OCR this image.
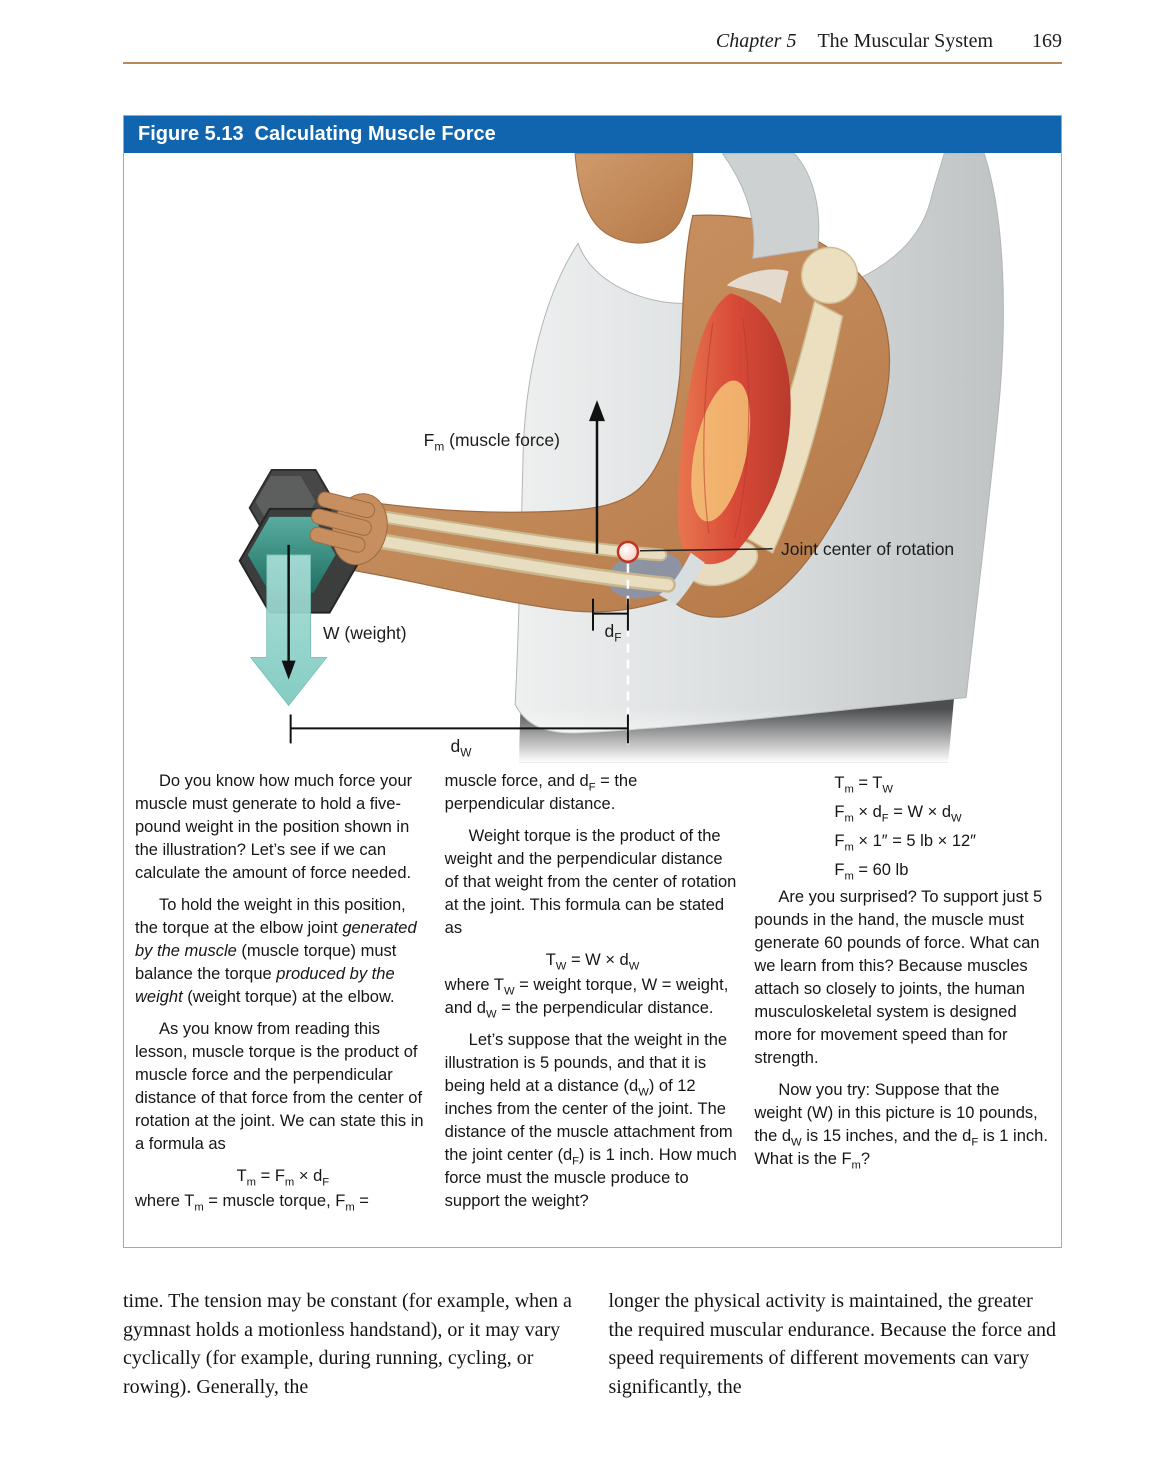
Chapter 5 The Muscular System 169
Figure 5.13 Calculating Muscle Force
$F_m$ (muscle force)
W (weight)
Joint center of rotation
$d_F$
$d_W$

Do you know how much force your muscle must generate to hold a five-pound weight in the position shown in the illustration? Let’s see if we can calculate the amount of force needed.

To hold the weight in this position, the torque at the elbow joint generated by the muscle (muscle torque) must balance the torque produced by the weight (weight torque) at the elbow.

As you know from reading this lesson, muscle torque is the product of muscle force and the perpendicular distance of that force from the center of rotation at the joint. We can state this in a formula as

$T_m = F_m \times d_F$

where $T_m$ = muscle torque, $F_m$ =

muscle force, and $d_F$ = the perpendicular distance.

Weight torque is the product of the weight and the perpendicular distance of that weight from the center of rotation at the joint. This formula can be stated as

$T_W = W \times d_W$

where $T_W$ = weight torque, W = weight, and $d_W$ = the perpendicular distance.

Let’s suppose that the weight in the illustration is 5 pounds, and that it is being held at a distance $(d_W)$ of 12 inches from the center of the joint. The distance of the muscle attachment from the joint center $(d_F)$ is 1 inch. How much force must the muscle produce to support the weight?

$T_m = T_W$

$F_m \times d_F = W \times d_W$

$F_m \times 1'' = 5$ lb × 12″

$F_m = 60$ lb

Are you surprised? To support just 5 pounds in the hand, the muscle must generate 60 pounds of force. What can we learn from this? Because muscles attach so closely to joints, the human musculoskeletal system is designed more for movement speed than for strength.

Now you try: Suppose that the weight (W) in this picture is 10 pounds, the $d_W$ is 15 inches, and the $d_F$ is 1 inch. What is the $F_m$?

time. The tension may be constant (for example, when a gymnast holds a motionless handstand), or it may vary cyclically (for example, during running, cycling, or rowing). Generally, the

longer the physical activity is maintained, the greater the required muscular endurance. Because the force and speed requirements of different movements can vary significantly, the
